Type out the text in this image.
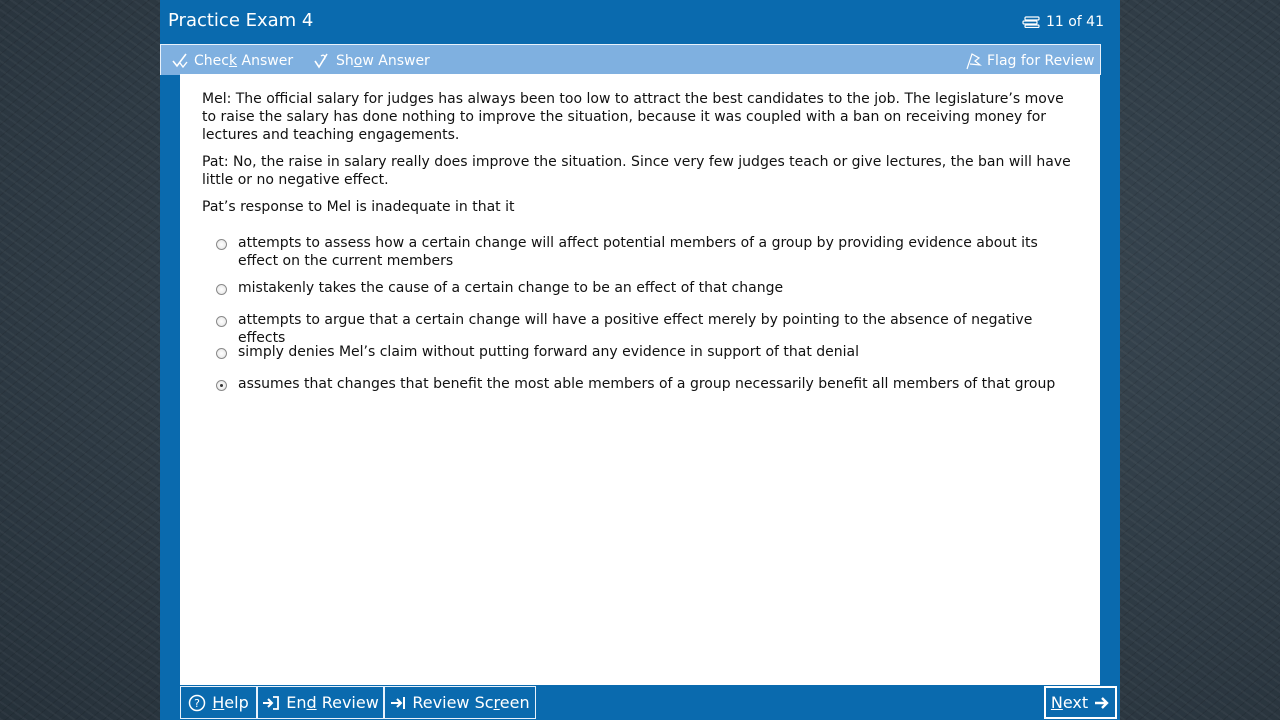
Practice Exam 4	11 of 41
Check Answer	Show Answer	Flag for Review

Mel: The official salary for judges has always been too low to attract the best candidates to the job. The legislature’s move to raise the salary has done nothing to improve the situation, because it was coupled with a ban on receiving money for lectures and teaching engagements.

Pat: No, the raise in salary really does improve the situation. Since very few judges teach or give lectures, the ban will have little or no negative effect.

Pat’s response to Mel is inadequate in that it

attempts to assess how a certain change will affect potential members of a group by providing evidence about its effect on the current members
mistakenly takes the cause of a certain change to be an effect of that change
attempts to argue that a certain change will have a positive effect merely by pointing to the absence of negative effects
simply denies Mel’s claim without putting forward any evidence in support of that denial
assumes that changes that benefit the most able members of a group necessarily benefit all members of that group
? Help End Review Review Screen	Next
